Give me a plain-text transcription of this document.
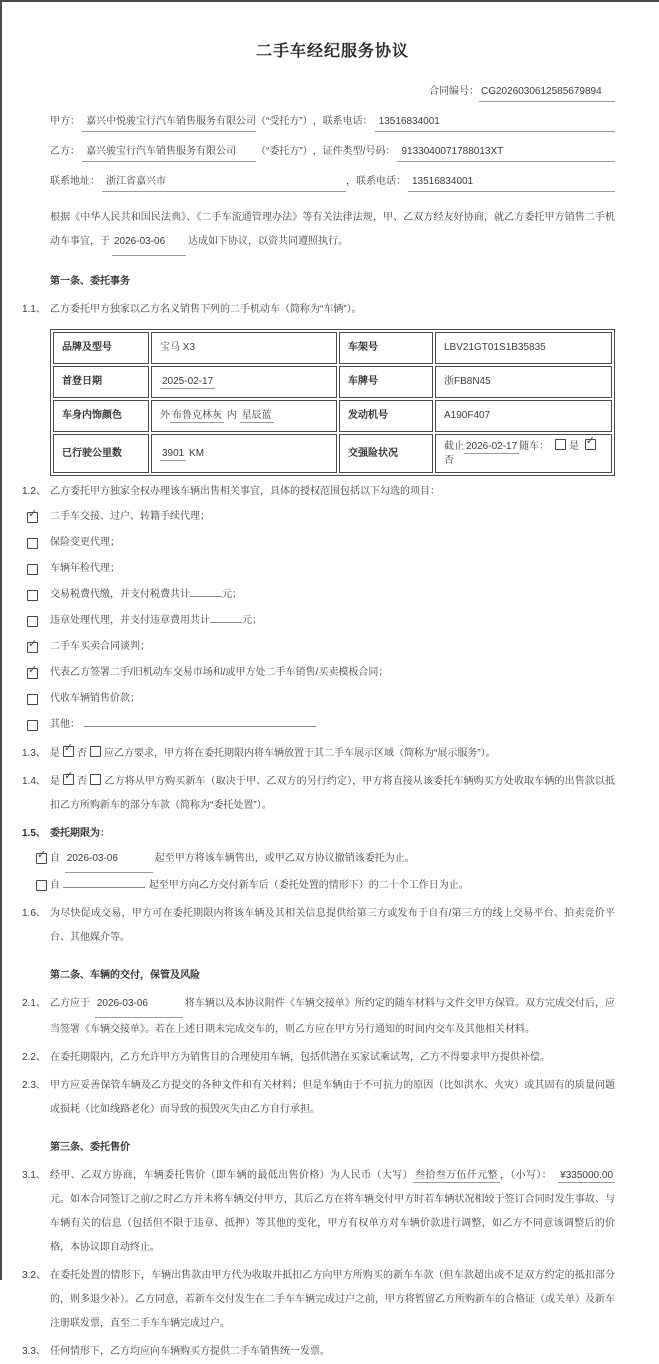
二手车经纪服务协议
合同编号： CG2026030612585679894
甲方： 嘉兴中悦骏宝行汽车销售服务有限公司 （“受托方”） ，联系电话： 13516834001
乙方： 嘉兴骏宝行汽车销售服务有限公司	（“委托方”） ，证件类型/号码： 9133040071788013XT
联系地址： 浙江省嘉兴市	，联系电话： 13516834001

根据《中华人民共和国民法典》、《二手车流通管理办法》等有关法律法规，甲、乙双方经友好协商，就乙方委托甲方销售二手机动车事宜，于 2026-03-06 达成如下协议，以资共同遵照执行。

第一条、委托事务

1.1、 乙方委托甲方独家以乙方名义销售下列的二手机动车（简称为“车辆”）。

品牌及型号	宝马 X3	车架号	LBV21GT01S1B35835
首登日期	2025-02-17	车牌号	浙FB8N45
车身内饰颜色	外 布鲁克林灰 内 星辰蓝	发动机号	A190F407
已行驶公里数	3901 KM	交强险状况	截止 2026-02-17 随车： 是 ✓否

1.2、 乙方委托甲方独家全权办理该车辆出售相关事宜，具体的授权范围包括以下勾选的项目：

✓
二手车交接、过户、转籍手续代理；
保险变更代理；
车辆年检代理；
交易税费代缴，并支付税费共计	元；
违章处理代理，并支付违章费用共计	元；
✓
二手车买卖合同谈判；
✓
代表乙方签署二手/旧机动车交易市场和/或甲方处二手车销售/买卖模板合同；
代收车辆销售价款；
其他：

1.3、 是 ✓ 否 应乙方要求，甲方将在委托期限内将车辆放置于其二手车展示区域（简称为“展示服务”）。

1.4、 是 ✓ 否 乙方将从甲方购买新车（取决于甲、乙双方的另行约定），甲方将直接从该委托车辆购买方处收取车辆的出售款以抵扣乙方所购新车的部分车款（简称为“委托处置”）。

1.5、 委托期限为：

✓
自 2026-03-06	起至甲方将该车辆售出，或甲乙双方协议撤销该委托为止。
自	起至甲方向乙方交付新车后（委托处置的情形下）的二十个工作日为止。

1.6、 为尽快促成交易，甲方可在委托期限内将该车辆及其相关信息提供给第三方或发布于自有/第三方的线上交易平台、拍卖竞价平台、其他媒介等。

第二条、车辆的交付，保管及风险

2.1、 乙方应于 2026-03-06	将车辆以及本协议附件《车辆交接单》所约定的随车材料与文件交甲方保管。双方完成交付后，应当签署《车辆交接单》。若在上述日期未完成交车的，则乙方应在甲方另行通知的时间内交车及其他相关材料。

2.2、 在委托期限内，乙方允许甲方为销售目的合理使用车辆，包括供潜在买家试乘试驾，乙方不得要求甲方提供补偿。

2.3、 甲方应妥善保管车辆及乙方提交的各种文件和有关材料；但是车辆由于不可抗力的原因（比如洪水、火灾）或其固有的质量问题或损耗（比如线路老化）而导致的损毁灭失由乙方自行承担。

第三条、委托售价

3.1、 经甲、乙双方协商，车辆委托售价（即车辆的最低出售价格）为人民币（大写） 叁拾叁万伍仟元整 ，（小写）： ¥335000.00元。如本合同签订之前/之时乙方并未将车辆交付甲方，其后乙方在将车辆交付甲方时若车辆状况相较于签订合同时发生事故、与车辆有关的信息（包括但不限于违章、抵押）等其他的变化，甲方有权单方对车辆价款进行调整，如乙方不同意该调整后的价格，本协议即自动终止。

3.2、 在委托处置的情形下，车辆出售款由甲方代为收取并抵扣乙方向甲方所购买的新车车款（但车款超出或不足双方约定的抵扣部分的，则多退少补）。乙方同意，若新车交付发生在二手车车辆完成过户之前，甲方将暂留乙方所购新车的合格证（或关单）及新车注册联发票，直至二手车车辆完成过户。

3.3、 任何情形下，乙方均应向车辆购买方提供二手车销售统一发票。
